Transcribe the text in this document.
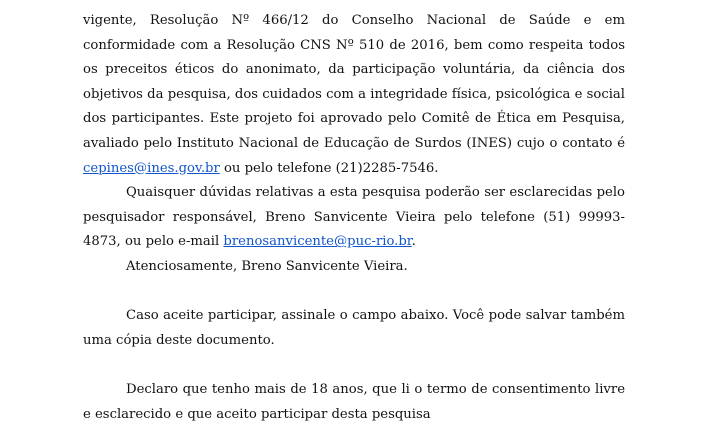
vigente, Resolução Nº 466/12 do Conselho Nacional de Saúde e em conformidade com a Resolução CNS Nº 510 de 2016, bem como respeita todos os preceitos éticos do anonimato, da participação voluntária, da ciência dos objetivos da pesquisa, dos cuidados com a integridade física, psicológica e social dos participantes. Este projeto foi aprovado pelo Comitê de Ética em Pesquisa, avaliado pelo Instituto Nacional de Educação de Surdos (INES) cujo o contato é cepines@ines.gov.br ou pelo telefone (21)2285-7546.

Quaisquer dúvidas relativas a esta pesquisa poderão ser esclarecidas pelo pesquisador responsável, Breno Sanvicente Vieira pelo telefone (51) 99993-4873, ou pelo e-mail brenosanvicente@puc-rio.br.

Atenciosamente, Breno Sanvicente Vieira.

Caso aceite participar, assinale o campo abaixo. Você pode salvar também uma cópia deste documento.

Declaro que tenho mais de 18 anos, que li o termo de consentimento livre e esclarecido e que aceito participar desta pesquisa
